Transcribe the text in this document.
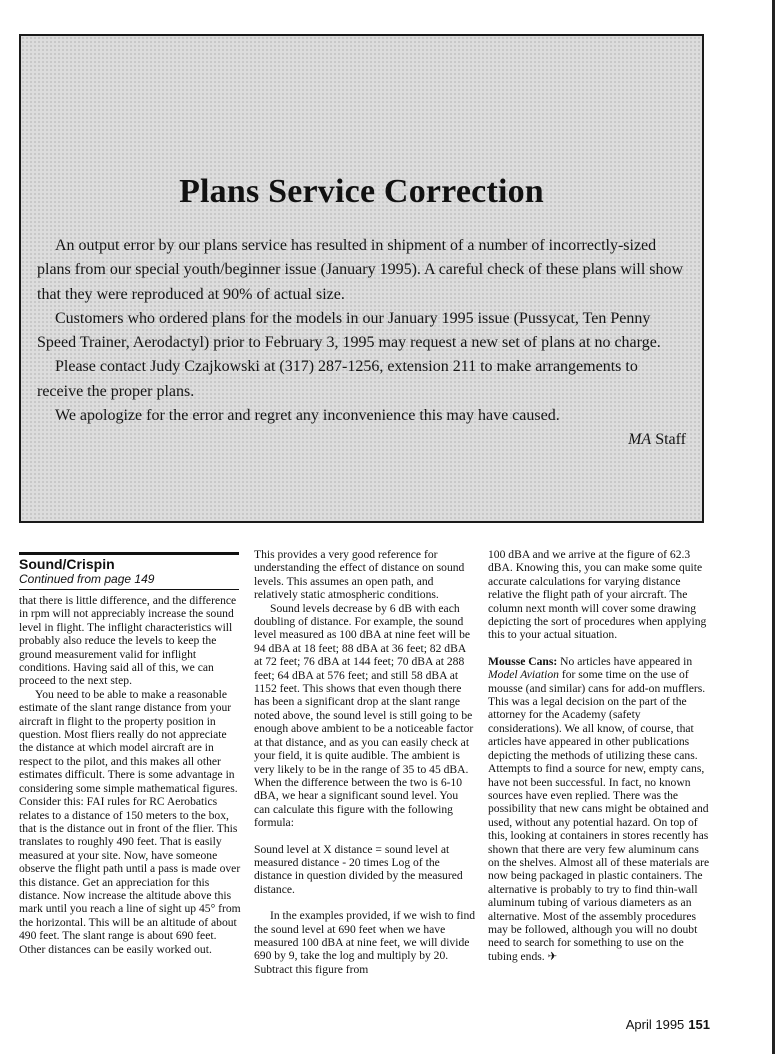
Plans Service Correction

An output error by our plans service has resulted in shipment of a number of incorrectly-sized plans from our special youth/beginner issue (January 1995). A careful check of these plans will show that they were reproduced at 90% of actual size.

Customers who ordered plans for the models in our January 1995 issue (Pussycat, Ten Penny Speed Trainer, Aerodactyl) prior to February 3, 1995 may request a new set of plans at no charge.

Please contact Judy Czajkowski at (317) 287-1256, extension 211 to make arrangements to receive the proper plans.

We apologize for the error and regret any inconvenience this may have caused.

MA Staff
Sound/Crispin
Continued from page 149

that there is little difference, and the difference in rpm will not appreciably increase the sound level in flight. The inflight characteristics will probably also reduce the levels to keep the ground measurement valid for inflight conditions. Having said all of this, we can proceed to the next step.

You need to be able to make a reasonable estimate of the slant range distance from your aircraft in flight to the property position in question. Most fliers really do not appreciate the distance at which model aircraft are in respect to the pilot, and this makes all other estimates difficult. There is some advantage in considering some simple mathematical figures. Consider this: FAI rules for RC Aerobatics relates to a distance of 150 meters to the box, that is the distance out in front of the flier. This translates to roughly 490 feet. That is easily measured at your site. Now, have someone observe the flight path until a pass is made over this distance. Get an appreciation for this distance. Now increase the altitude above this mark until you reach a line of sight up 45° from the horizontal. This will be an altitude of about 490 feet. The slant range is about 690 feet. Other distances can be easily worked out.

This provides a very good reference for understanding the effect of distance on sound levels. This assumes an open path, and relatively static atmospheric conditions.

Sound levels decrease by 6 dB with each doubling of distance. For example, the sound level measured as 100 dBA at nine feet will be 94 dBA at 18 feet; 88 dBA at 36 feet; 82 dBA at 72 feet; 76 dBA at 144 feet; 70 dBA at 288 feet; 64 dBA at 576 feet; and still 58 dBA at 1152 feet. This shows that even though there has been a significant drop at the slant range noted above, the sound level is still going to be enough above ambient to be a noticeable factor at that distance, and as you can easily check at your field, it is quite audible. The ambient is very likely to be in the range of 35 to 45 dBA. When the difference between the two is 6-10 dBA, we hear a significant sound level. You can calculate this figure with the following formula:

Sound level at X distance = sound level at measured distance - 20 times Log of the distance in question divided by the measured distance.

In the examples provided, if we wish to find the sound level at 690 feet when we have measured 100 dBA at nine feet, we will divide 690 by 9, take the log and multiply by 20. Subtract this figure from

100 dBA and we arrive at the figure of 62.3 dBA. Knowing this, you can make some quite accurate calculations for varying distance relative the flight path of your aircraft. The column next month will cover some drawing depicting the sort of procedures when applying this to your actual situation.

Mousse Cans: No articles have appeared in Model Aviation for some time on the use of mousse (and similar) cans for add-on mufflers. This was a legal decision on the part of the attorney for the Academy (safety considerations). We all know, of course, that articles have appeared in other publications depicting the methods of utilizing these cans. Attempts to find a source for new, empty cans, have not been successful. In fact, no known sources have even replied. There was the possibility that new cans might be obtained and used, without any potential hazard. On top of this, looking at containers in stores recently has shown that there are very few aluminum cans on the shelves. Almost all of these materials are now being packaged in plastic containers. The alternative is probably to try to find thin-wall aluminum tubing of various diameters as an alternative. Most of the assembly procedures may be followed, although you will no doubt need to search for something to use on the tubing ends. ✈

April 1995 151
